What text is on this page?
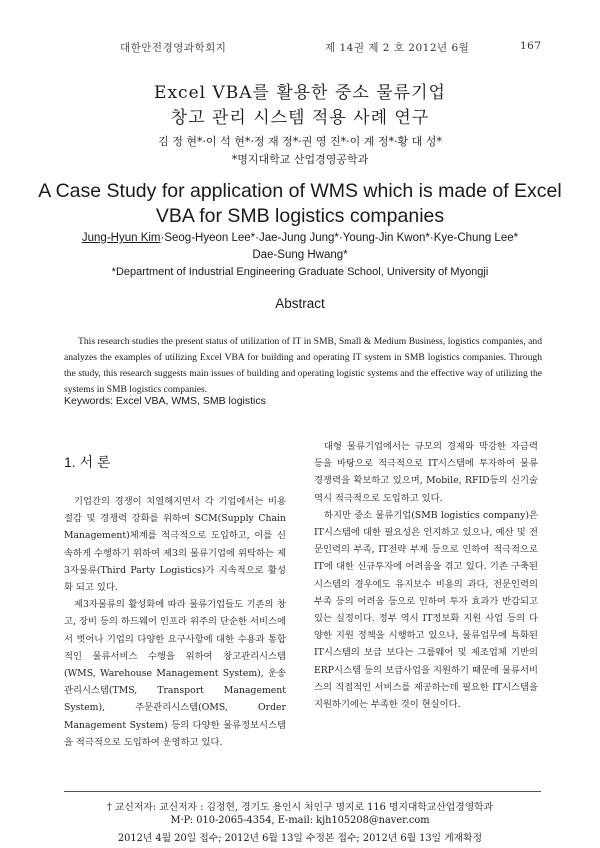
대한안전경영과학회지	제 14권 제 2 호 2012년 6월	167
Excel VBA를 활용한 중소 물류기업
창고 관리 시스템 적용 사례 연구
김 정 현*·이 석 현*·정 재 정*·권 영 진*·이 계 정*·황 대 성*
*명지대학교 산업경영공학과
A Case Study for application of WMS which is made of Excel
VBA for SMB logistics companies
Jung-Hyun Kim·Seog-Hyeon Lee*·Jae-Jung Jung*·Young-Jin Kwon*·Kye-Chung Lee*
Dae-Sung Hwang*
*Department of Industrial Engineering Graduate School, University of Myongji
Abstract

This research studies the present status of utilization of IT in SMB, Small & Medium Business, logistics companies, and analyzes the examples of utilizing Excel VBA for building and operating IT system in SMB logistics companies. Through the study, this research suggests main issues of building and operating logistic systems and the effective way of utilizing the systems in SMB logistics companies.

Keywords: Excel VBA, WMS, SMB logistics
1. 서 론

기업간의 경쟁이 치열해지면서 각 기업에서는 비용절감 및 경쟁력 강화를 위하여 SCM(Supply Chain Management)체계를 적극적으로 도입하고, 이를 신속하게 수행하기 위하여 제3의 물류기업에 위탁하는 제3자물류(Third Party Logistics)가 지속적으로 활성화 되고 있다.

제3자물류의 활성화에 따라 물류기업들도 기존의 창고, 장비 등의 하드웨어 인프라 위주의 단순한 서비스에서 벗어나 기업의 다양한 요구사항에 대한 수용과 통합적인 물류서비스 수행을 위하여 창고관리시스템(WMS, Warehouse Management System), 운송관리시스템(TMS, Transport Management System), 주문관리시스템(OMS, Order Management System) 등의 다양한 물류정보시스템을 적극적으로 도입하여 운영하고 있다.

대형 물류기업에서는 규모의 경제와 막강한 자금력 등을 바탕으로 적극적으로 IT시스템에 투자하여 물류 경쟁력을 확보하고 있으며, Mobile, RFID등의 신기술 역시 적극적으로 도입하고 있다.

하지만 중소 물류기업(SMB logistics company)은 IT시스템에 대한 필요성은 인지하고 있으나, 예산 및 전문인력의 부족, IT전략 부재 등으로 인하여 적극적으로 IT에 대한 신규투자에 어려움을 겪고 있다. 기존 구축된 시스템의 경우에도 유지보수 비용의 과다, 전문인력의 부족 등의 어려움 등으로 인하여 투자 효과가 반감되고 있는 실정이다. 정부 역시 IT정보화 지원 사업 등의 다양한 지원 정책을 시행하고 있으나, 물류업무에 특화된 IT시스템의 보급 보다는 그룹웨어 및 제조업체 기반의 ERP시스템 등의 보급사업을 지원하기 때문에 물류서비스의 직접적인 서비스를 제공하는데 필요한 IT시스템을 지원하기에는 부족한 것이 현실이다.

† 교신저자: 교신저자 : 김정현, 경기도 용인시 처인구 명지로 116 명지대학교산업경영학과
M·P: 010-2065-4354, E-mail: kjh105208@naver.com
2012년 4월 20일 접수; 2012년 6월 13일 수정본 접수; 2012년 6월 13일 게재확정
